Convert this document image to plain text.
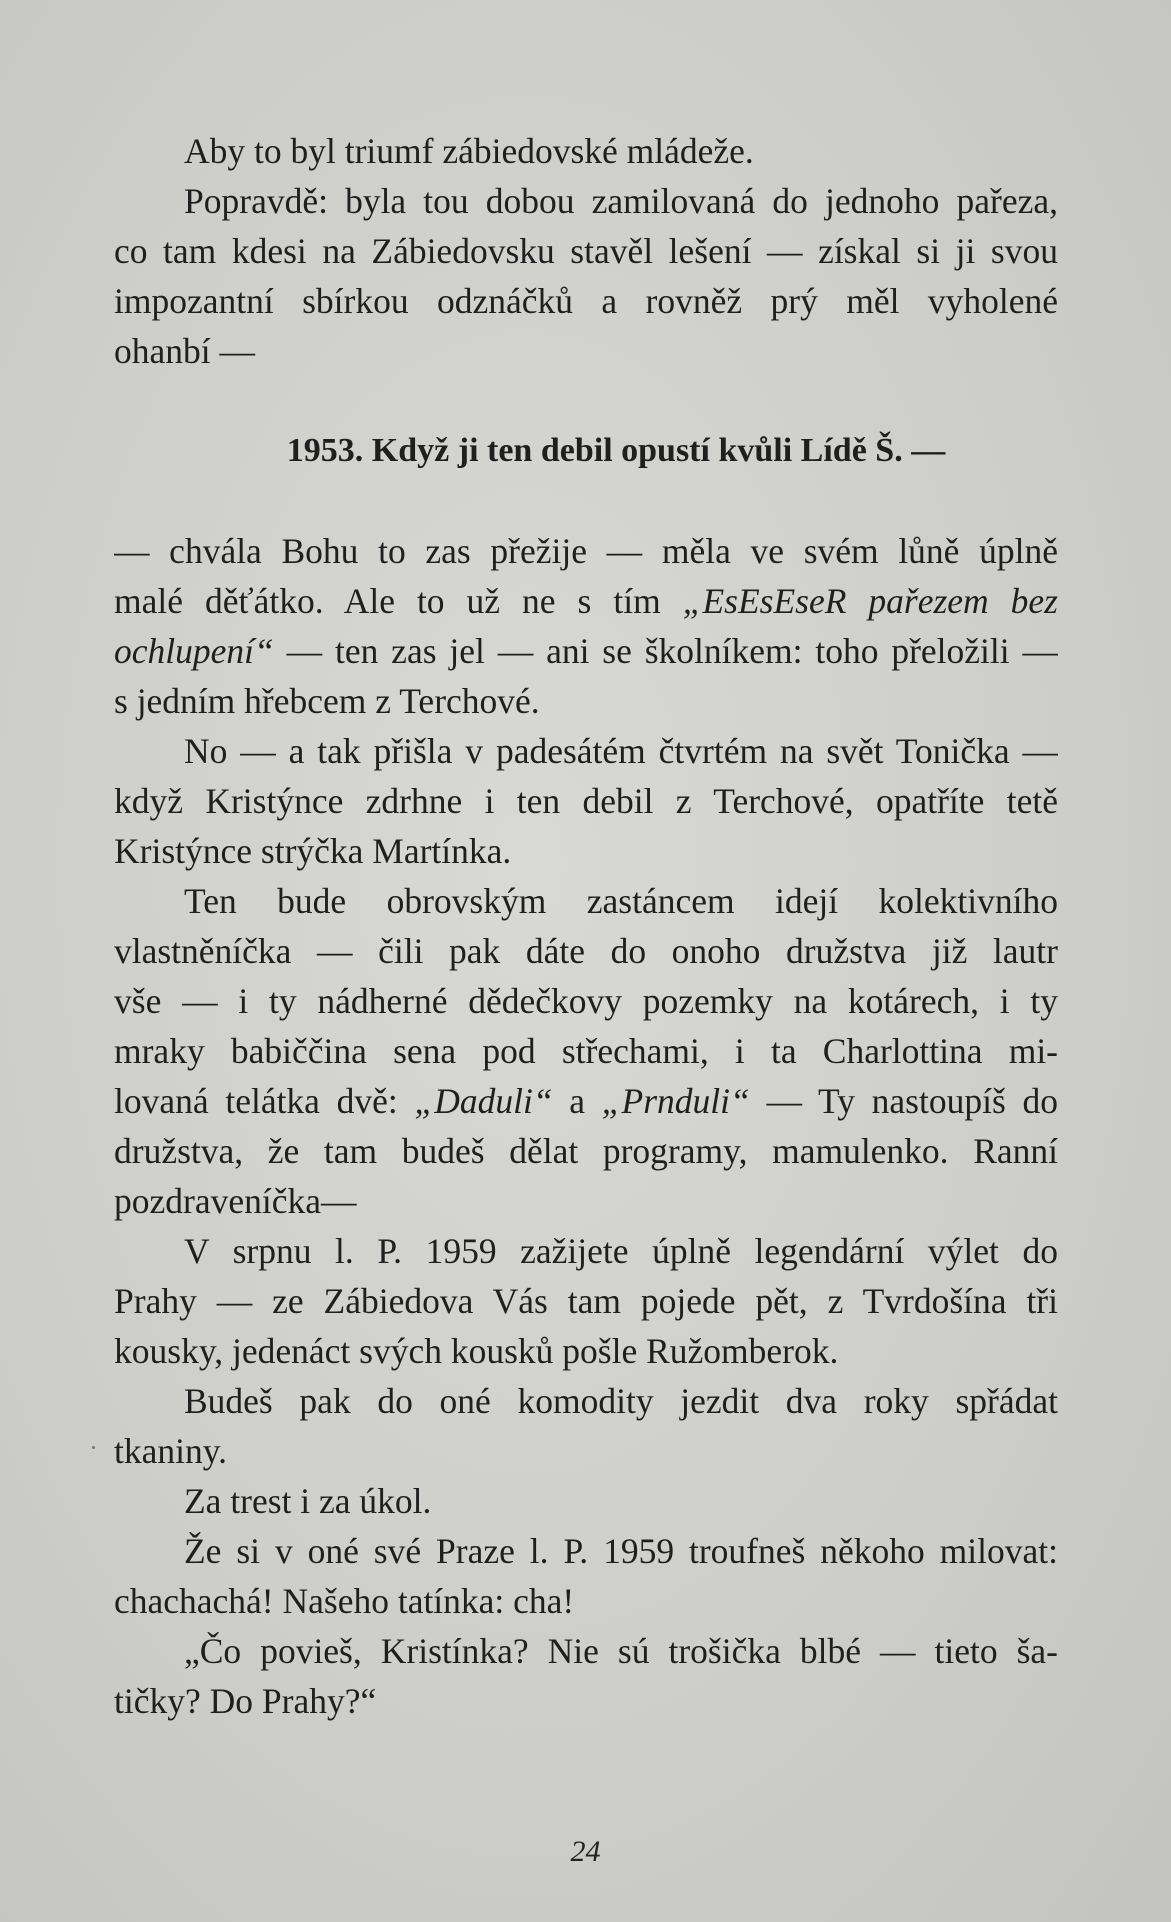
Aby to byl triumf zábiedovské mládeže.
Popravdě: byla tou dobou zamilovaná do jednoho pařeza,
co tam kdesi na Zábiedovsku stavěl lešení — získal si ji svou
impozantní sbírkou odznáčků a rovněž prý měl vyholené
ohanbí —
1953. Když ji ten debil opustí kvůli Lídě Š. —
— chvála Bohu to zas přežije — měla ve svém lůně úplně
malé děťátko. Ale to už ne s tím „EsEsEseR pařezem bez
ochlupení“ — ten zas jel — ani se školníkem: toho přeložili —
s jedním hřebcem z Terchové.
No — a tak přišla v padesátém čtvrtém na svět Tonička —
když Kristýnce zdrhne i ten debil z Terchové, opatříte tetě
Kristýnce strýčka Martínka.
Ten bude obrovským zastáncem idejí kolektivního
vlastněníčka — čili pak dáte do onoho družstva již lautr
vše — i ty nádherné dědečkovy pozemky na kotárech, i ty
mraky babiččina sena pod střechami, i ta Charlottina mi-
lovaná telátka dvě: „Daduli“ a „Prnduli“ — Ty nastoupíš do
družstva, že tam budeš dělat programy, mamulenko. Ranní
pozdraveníčka—
V srpnu l. P. 1959 zažijete úplně legendární výlet do
Prahy — ze Zábiedova Vás tam pojede pět, z Tvrdošína tři
kousky, jedenáct svých kousků pošle Ružomberok.
Budeš pak do oné komodity jezdit dva roky spřádat
tkaniny.
Za trest i za úkol.
Že si v oné své Praze l. P. 1959 troufneš někoho milovat:
chachachá! Našeho tatínka: cha!
„Čo povieš, Kristínka? Nie sú trošička blbé — tieto ša-
tičky? Do Prahy?“
24
